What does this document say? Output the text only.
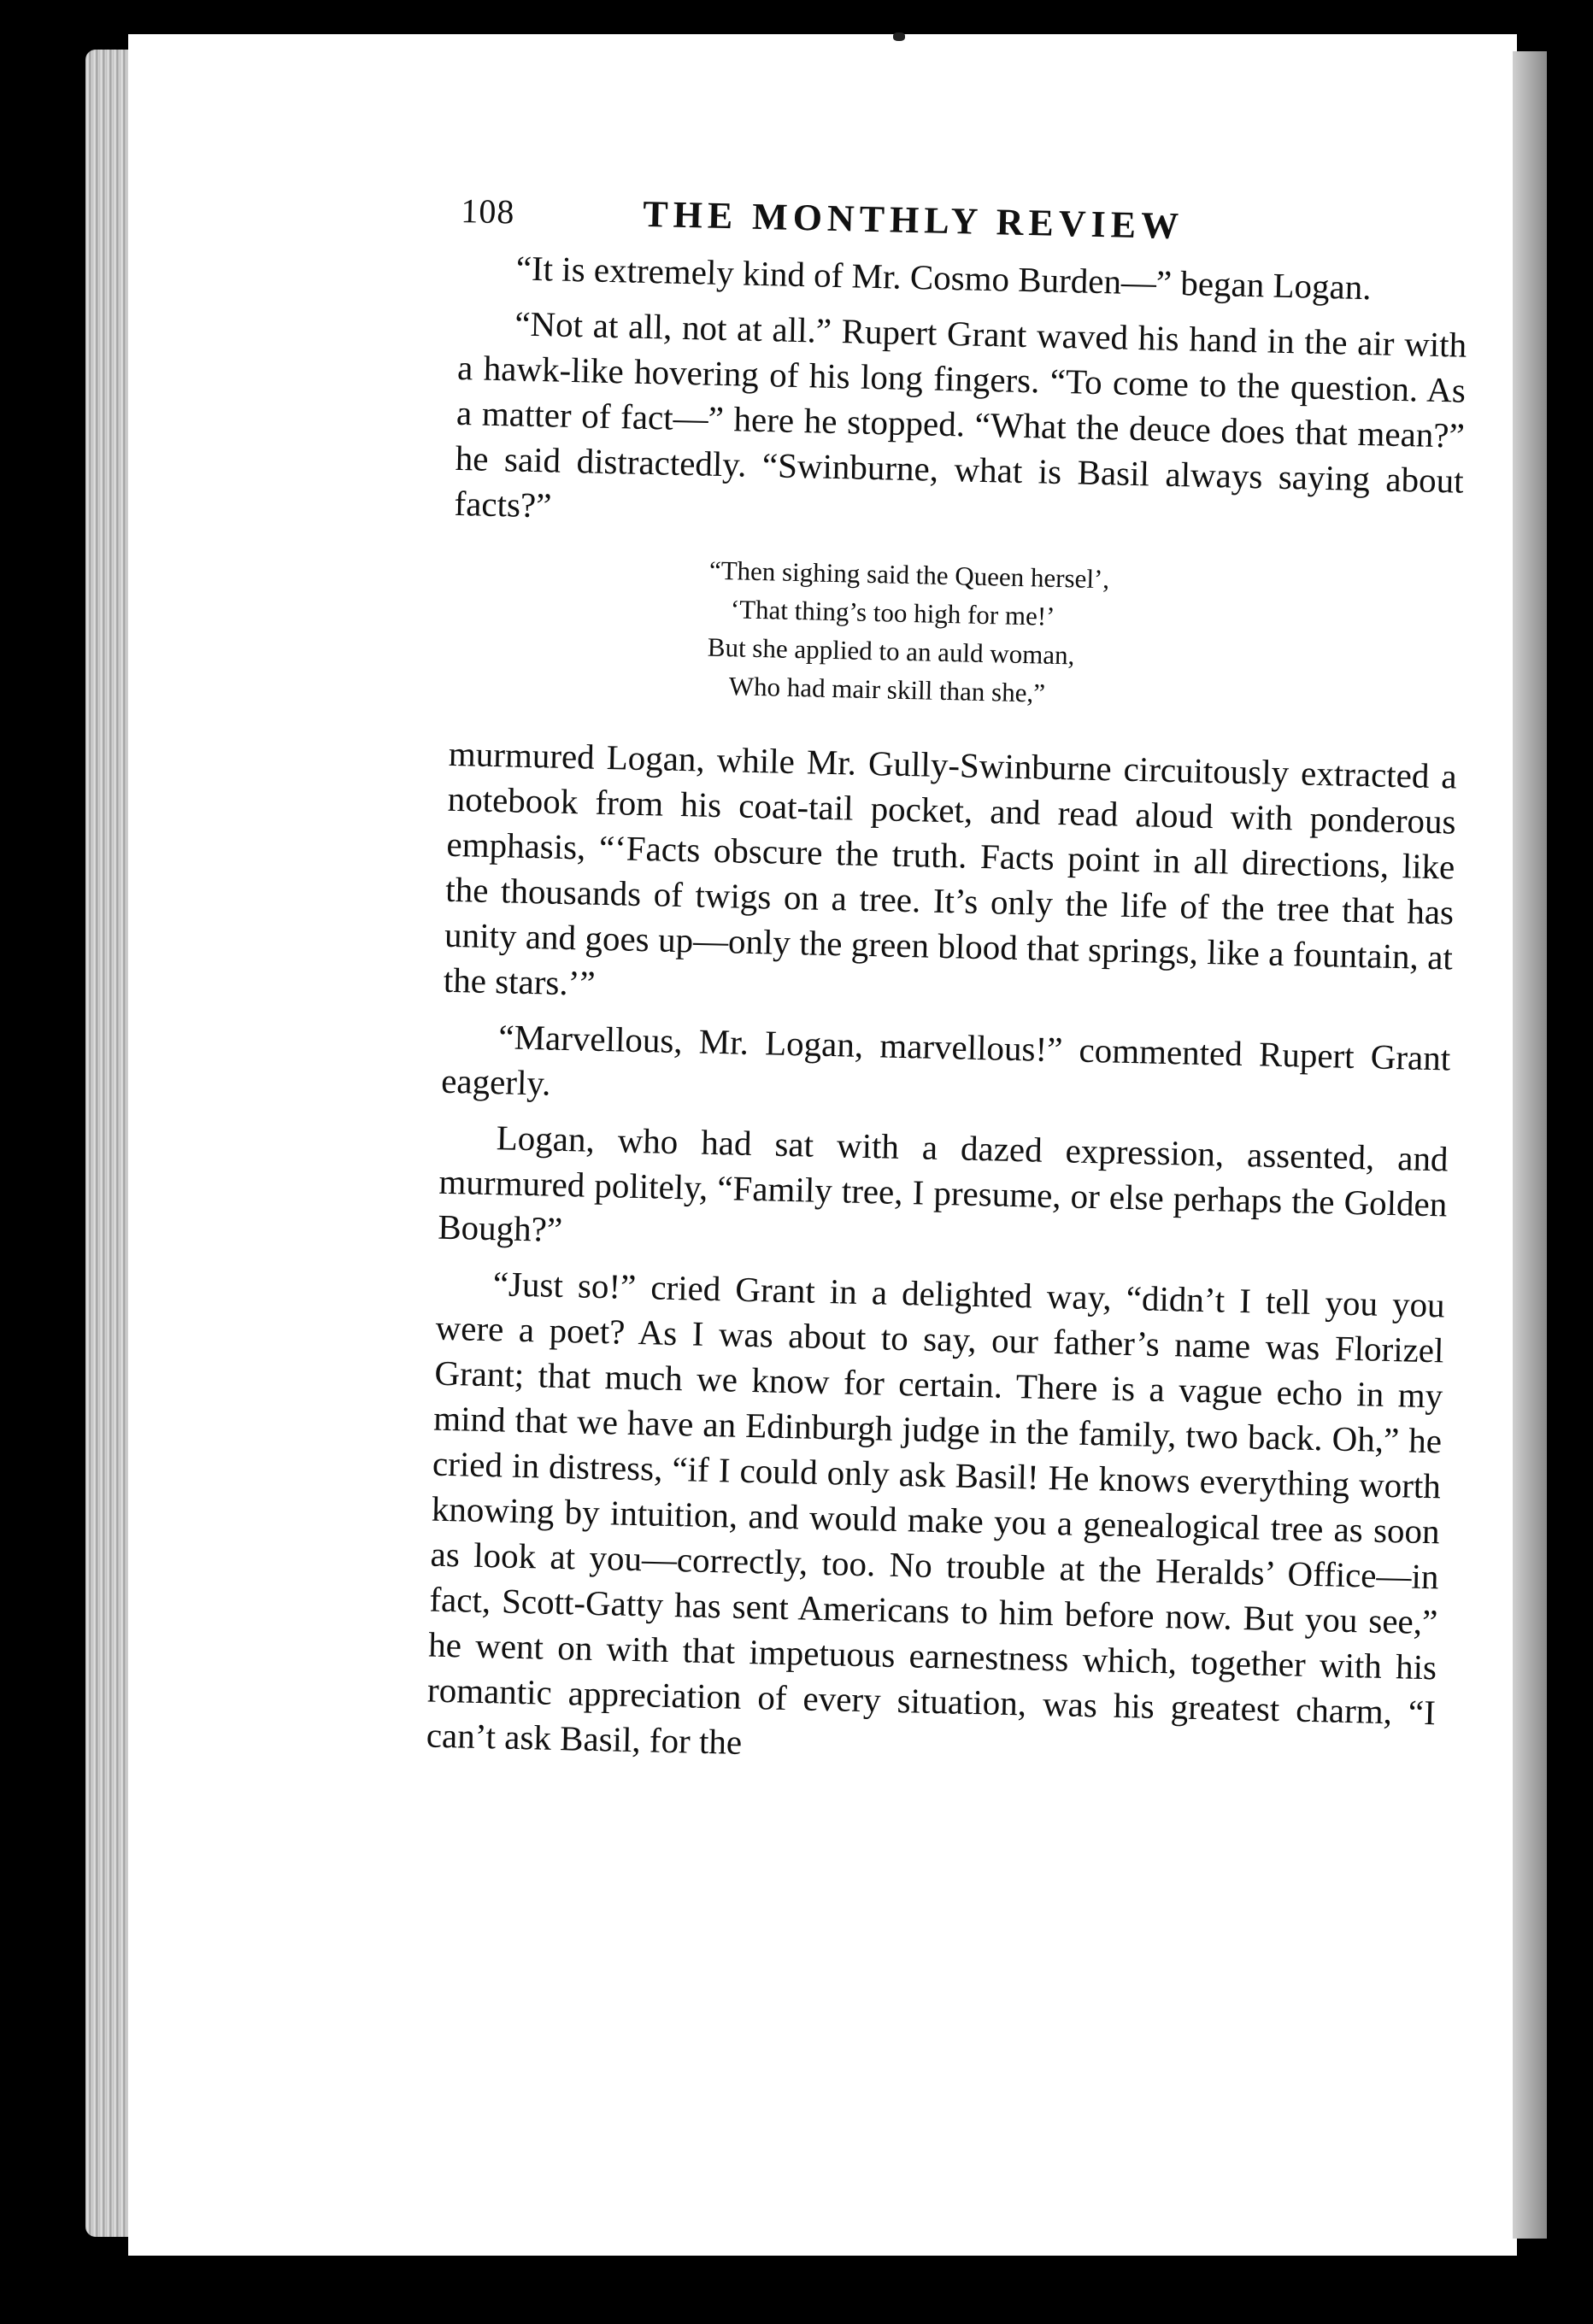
108	THE MONTHLY REVIEW

“It is extremely kind of Mr. Cosmo Burden—” began Logan.

“Not at all, not at all.” Rupert Grant waved his hand in the air with a hawk-like hovering of his long fingers. “To come to the question. As a matter of fact—” here he stopped. “What the deuce does that mean?” he said distractedly. “Swinburne, what is Basil always saying about facts?”

“Then sighing said the Queen hersel’,
‘That thing’s too high for me!’
But she applied to an auld woman,
Who had mair skill than she,”

murmured Logan, while Mr. Gully-Swinburne circuitously extracted a notebook from his coat-tail pocket, and read aloud with ponderous emphasis, “‘Facts obscure the truth. Facts point in all directions, like the thousands of twigs on a tree. It’s only the life of the tree that has unity and goes up—only the green blood that springs, like a fountain, at the stars.’”

“Marvellous, Mr. Logan, marvellous!” commented Rupert Grant eagerly.

Logan, who had sat with a dazed expression, assented, and murmured politely, “Family tree, I presume, or else perhaps the Golden Bough?”

“Just so!” cried Grant in a delighted way, “didn’t I tell you you were a poet? As I was about to say, our father’s name was Florizel Grant; that much we know for certain. There is a vague echo in my mind that we have an Edinburgh judge in the family, two back. Oh,” he cried in distress, “if I could only ask Basil! He knows everything worth knowing by intuition, and would make you a genealogical tree as soon as look at you—correctly, too. No trouble at the Heralds’ Office—in fact, Scott-Gatty has sent Americans to him before now. But you see,” he went on with that impetuous earnestness which, together with his romantic appreciation of every situation, was his greatest charm, “I can’t ask Basil, for the
